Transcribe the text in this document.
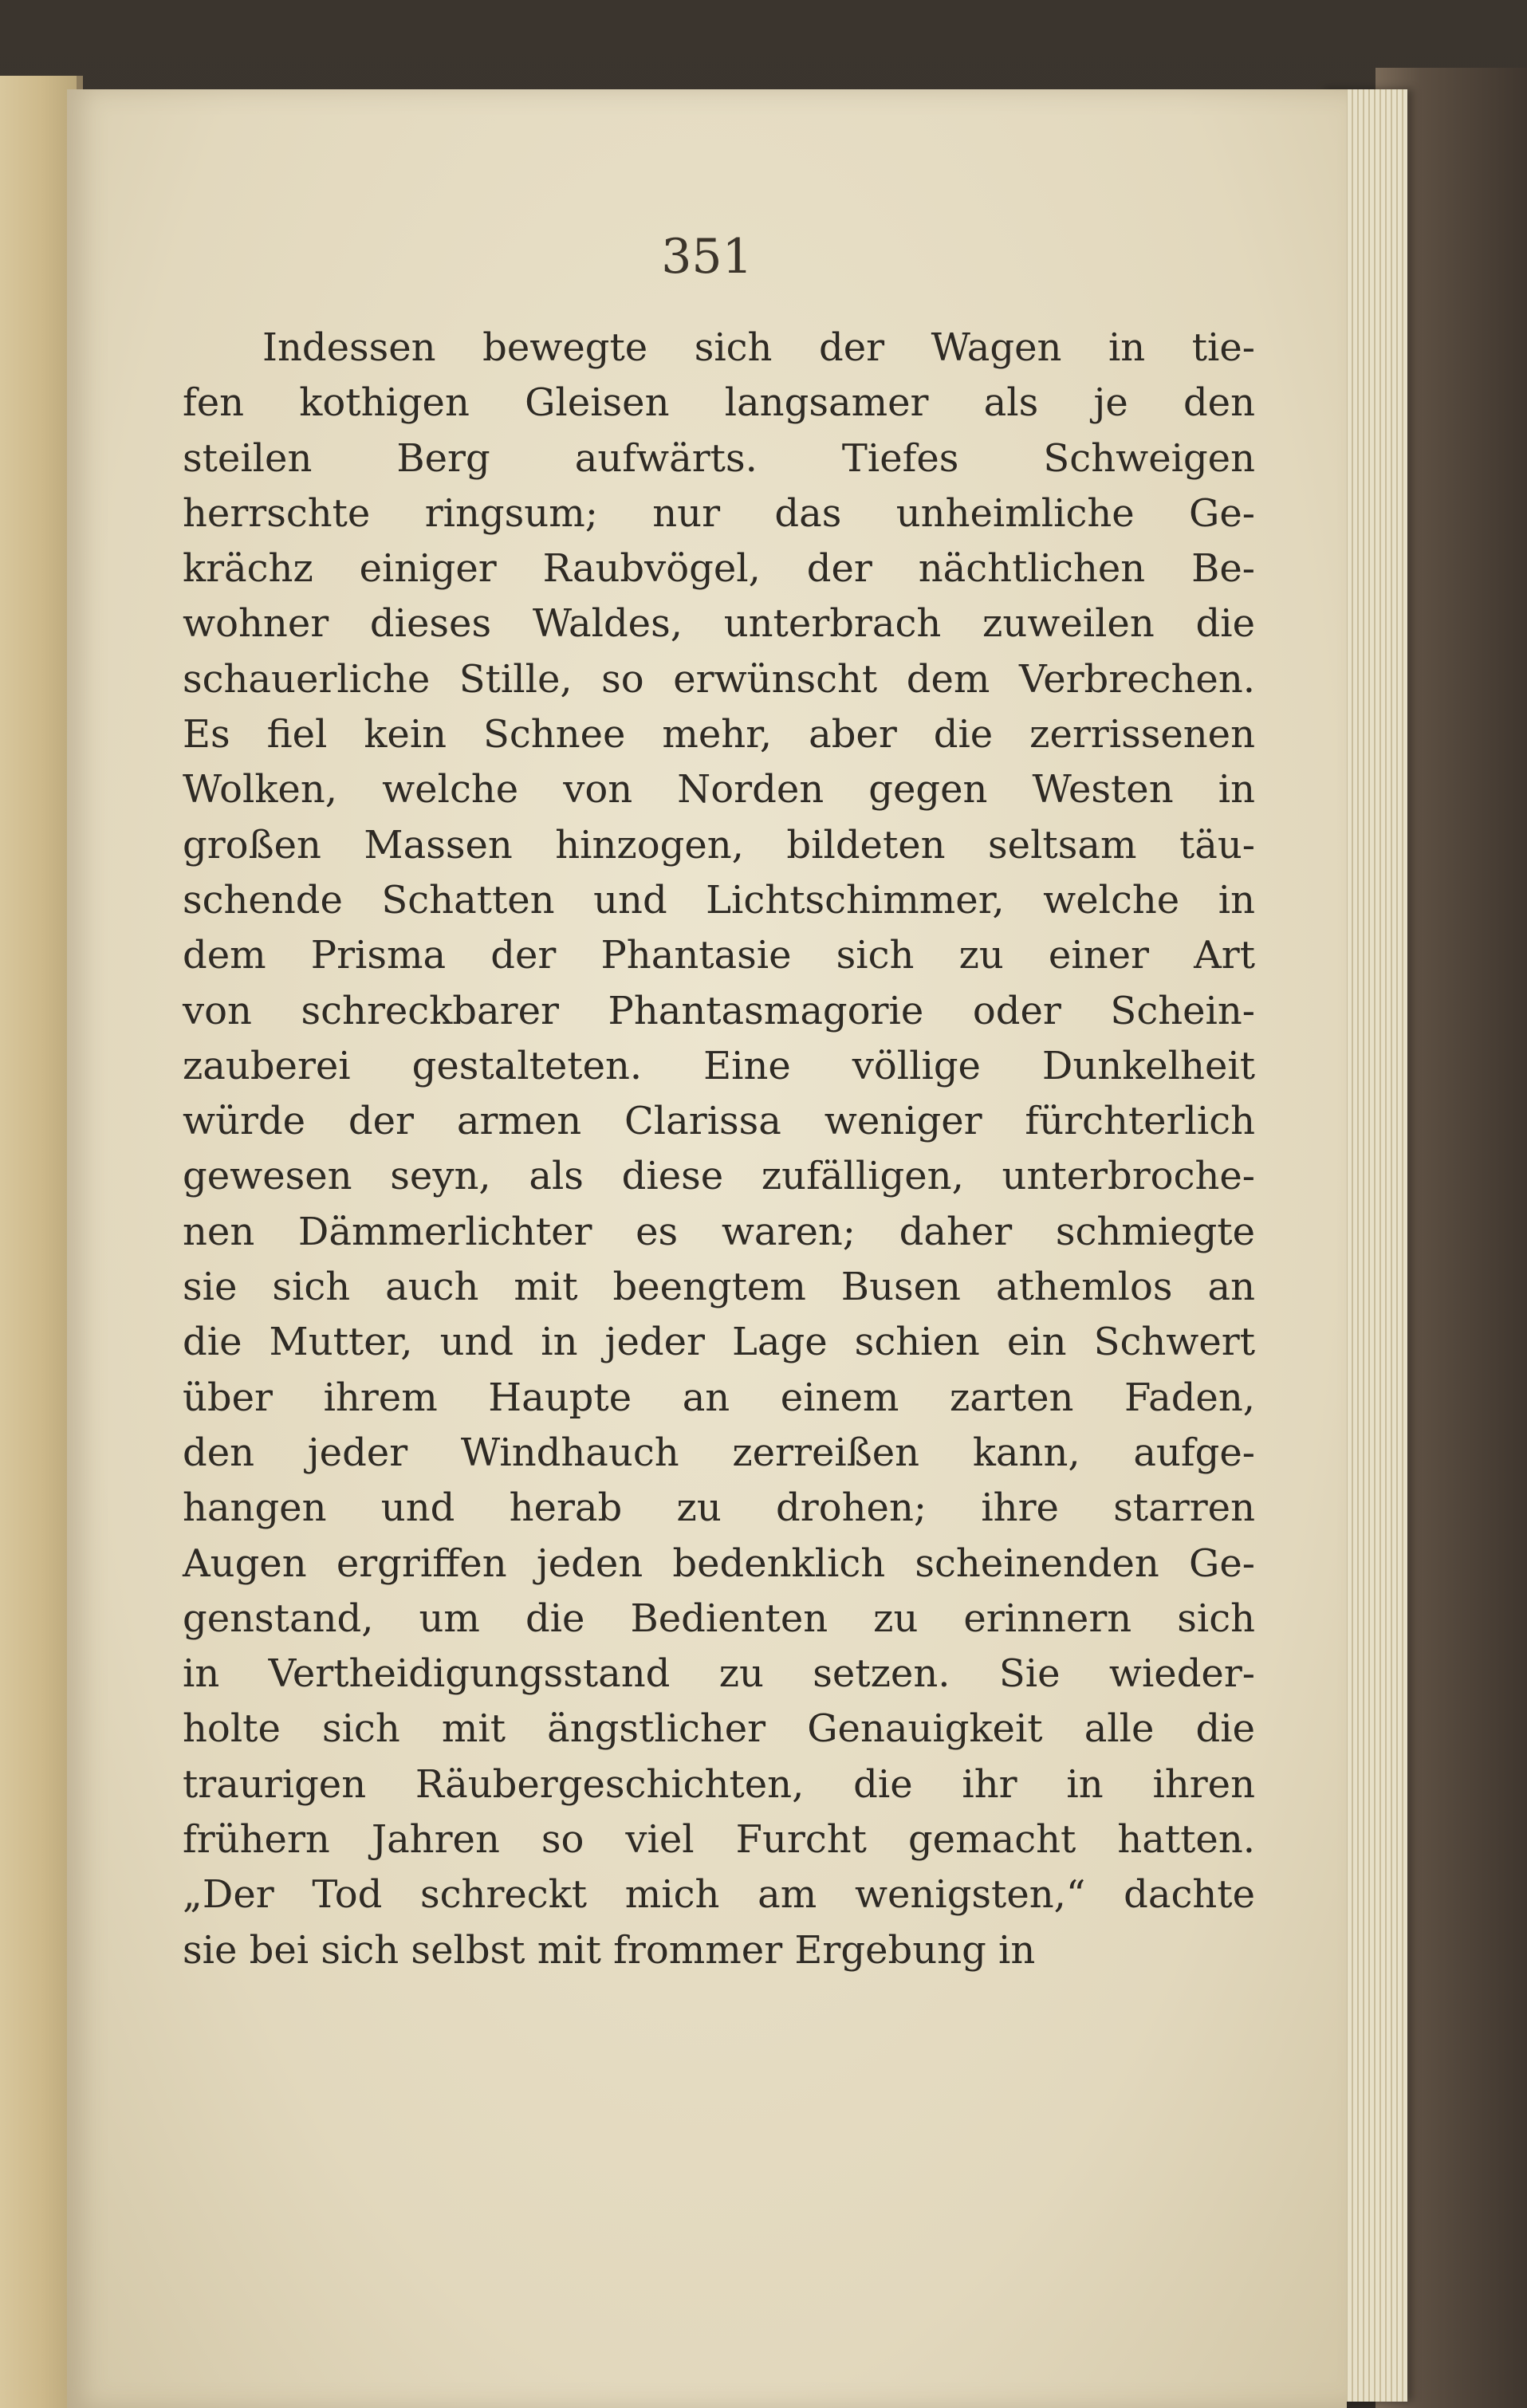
351

Indessen bewegte sich der Wagen in tie-
fen kothigen Gleisen langsamer als je den
steilen Berg aufwärts. Tiefes Schweigen
herrschte ringsum; nur das unheimliche Ge-
krächz einiger Raubvögel, der nächtlichen Be-
wohner dieses Waldes, unterbrach zuweilen die
schauerliche Stille, so erwünscht dem Verbrechen.
Es fiel kein Schnee mehr, aber die zerrissenen
Wolken, welche von Norden gegen Westen in
großen Massen hinzogen, bildeten seltsam täu-
schende Schatten und Lichtschimmer, welche in
dem Prisma der Phantasie sich zu einer Art
von schreckbarer Phantasmagorie oder Schein-
zauberei gestalteten. Eine völlige Dunkelheit
würde der armen Clarissa weniger fürchterlich
gewesen seyn, als diese zufälligen, unterbroche-
nen Dämmerlichter es waren; daher schmiegte
sie sich auch mit beengtem Busen athemlos an
die Mutter, und in jeder Lage schien ein Schwert
über ihrem Haupte an einem zarten Faden,
den jeder Windhauch zerreißen kann, aufge-
hangen und herab zu drohen; ihre starren
Augen ergriffen jeden bedenklich scheinenden Ge-
genstand, um die Bedienten zu erinnern sich
in Vertheidigungsstand zu setzen. Sie wieder-
holte sich mit ängstlicher Genauigkeit alle die
traurigen Räubergeschichten, die ihr in ihren
frühern Jahren so viel Furcht gemacht hatten.
„Der Tod schreckt mich am wenigsten,“ dachte
sie bei sich selbst mit frommer Ergebung in
